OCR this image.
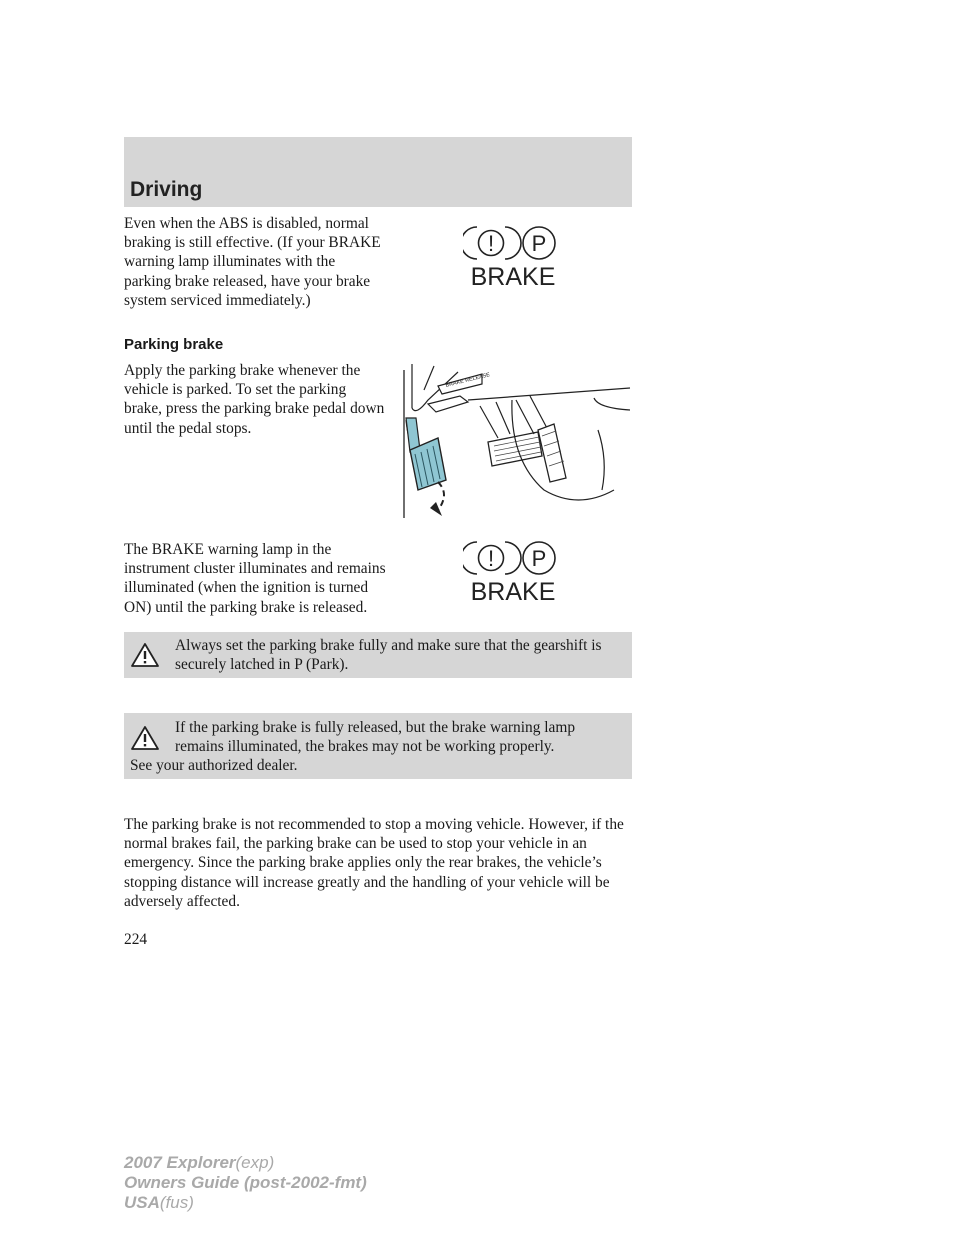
Driving
Even when the ABS is disabled, normal braking is still effective. (If your BRAKE warning lamp illuminates with the parking brake released, have your brake system serviced immediately.)
! P
BRAKE
Parking brake
Apply the parking brake whenever the vehicle is parked. To set the parking brake, press the parking brake pedal down until the pedal stops.
BRAKE RELEASE
The BRAKE warning lamp in the instrument cluster illuminates and remains illuminated (when the ignition is turned ON) until the parking brake is released.
! P
BRAKE
Always set the parking brake fully and make sure that the gearshift is securely latched in P (Park).
If the parking brake is fully released, but the brake warning lamp remains illuminated, the brakes may not be working properly.
See your authorized dealer.
The parking brake is not recommended to stop a moving vehicle. However, if the normal brakes fail, the parking brake can be used to stop your vehicle in an emergency. Since the parking brake applies only the rear brakes, the vehicle’s stopping distance will increase greatly and the handling of your vehicle will be adversely affected.
224
2007 Explorer(exp)
Owners Guide (post-2002-fmt)
USA(fus)
